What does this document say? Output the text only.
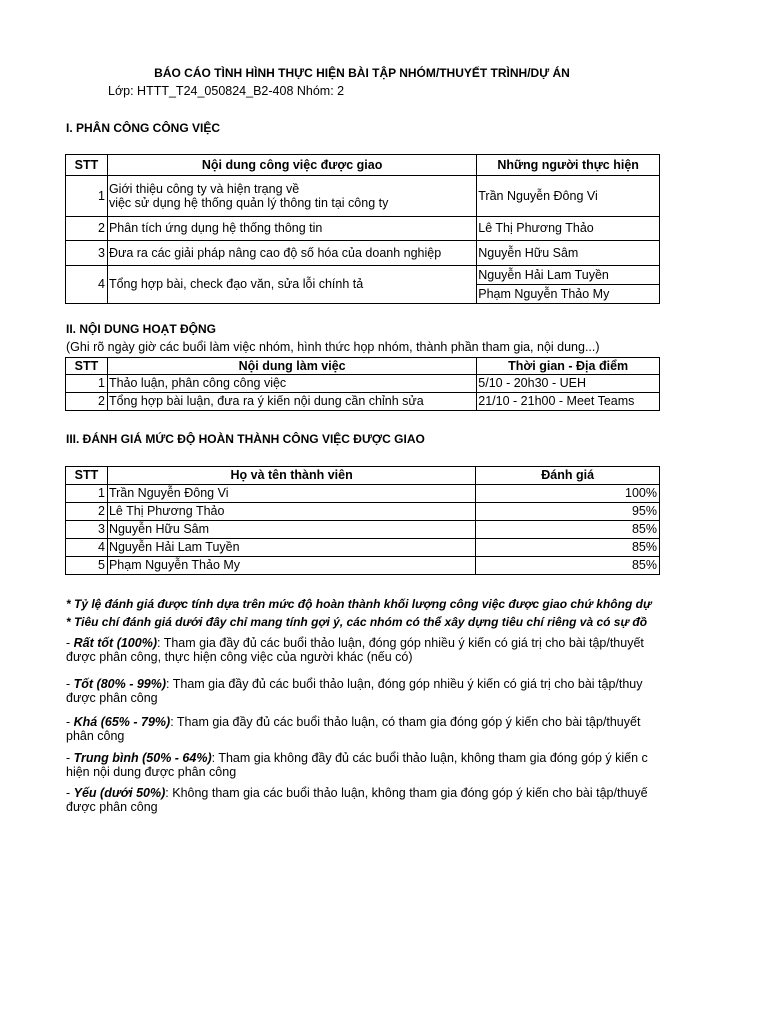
BÁO CÁO TÌNH HÌNH THỰC HIỆN BÀI TẬP NHÓM/THUYẾT TRÌNH/DỰ ÁN
Lớp: HTTT_T24_050824_B2-408 Nhóm: 2
I. PHÂN CÔNG CÔNG VIỆC
STT	Nội dung công việc được giao	Những người thực hiện
1	Giới thiệu công ty và hiện trạng về
việc sử dụng hệ thống quản lý thông tin tại công ty	Trần Nguyễn Đông Vi
2	Phân tích ứng dụng hệ thống thông tin	Lê Thị Phương Thảo
3	Đưa ra các giải pháp nâng cao độ số hóa của doanh nghiệp	Nguyễn Hữu Sâm
4	Tổng hợp bài, check đạo văn, sửa lỗi chính tả	Nguyễn Hải Lam Tuyền
		Phạm Nguyễn Thảo My
II. NỘI DUNG HOẠT ĐỘNG
(Ghi rõ ngày giờ các buổi làm việc nhóm, hình thức họp nhóm, thành phần tham gia, nội dung...)
STT	Nội dung làm việc	Thời gian - Địa điểm
1	Thảo luận, phân công công việc	5/10 - 20h30 - UEH
2	Tổng hợp bài luận, đưa ra ý kiến nội dung cần chỉnh sửa	21/10 - 21h00 - Meet Teams
III. ĐÁNH GIÁ MỨC ĐỘ HOÀN THÀNH CÔNG VIỆC ĐƯỢC GIAO
STT	Họ và tên thành viên	Đánh giá
1	Trần Nguyễn Đông Vi	100%
2	Lê Thị Phương Thảo	95%
3	Nguyễn Hữu Sâm	85%
4	Nguyễn Hải Lam Tuyền	85%
5	Phạm Nguyễn Thảo My	85%
* Tỷ lệ đánh giá được tính dựa trên mức độ hoàn thành khối lượng công việc được giao chứ không dự
* Tiêu chí đánh giá dưới đây chỉ mang tính gợi ý, các nhóm có thể xây dựng tiêu chí riêng và có sự đồ
- Rất tốt (100%): Tham gia đầy đủ các buổi thảo luận, đóng góp nhiều ý kiến có giá trị cho bài tập/thuyết
được phân công, thực hiện công việc của người khác (nếu có)
- Tốt (80% - 99%): Tham gia đầy đủ các buổi thảo luận, đóng góp nhiều ý kiến có giá trị cho bài tập/thuy
được phân công
- Khá (65% - 79%): Tham gia đầy đủ các buổi thảo luận, có tham gia đóng góp ý kiến cho bài tập/thuyết
phân công
- Trung bình (50% - 64%): Tham gia không đầy đủ các buổi thảo luận, không tham gia đóng góp ý kiến c
hiện nội dung được phân công
- Yếu (dưới 50%): Không tham gia các buổi thảo luận, không tham gia đóng góp ý kiến cho bài tập/thuyế
được phân công
